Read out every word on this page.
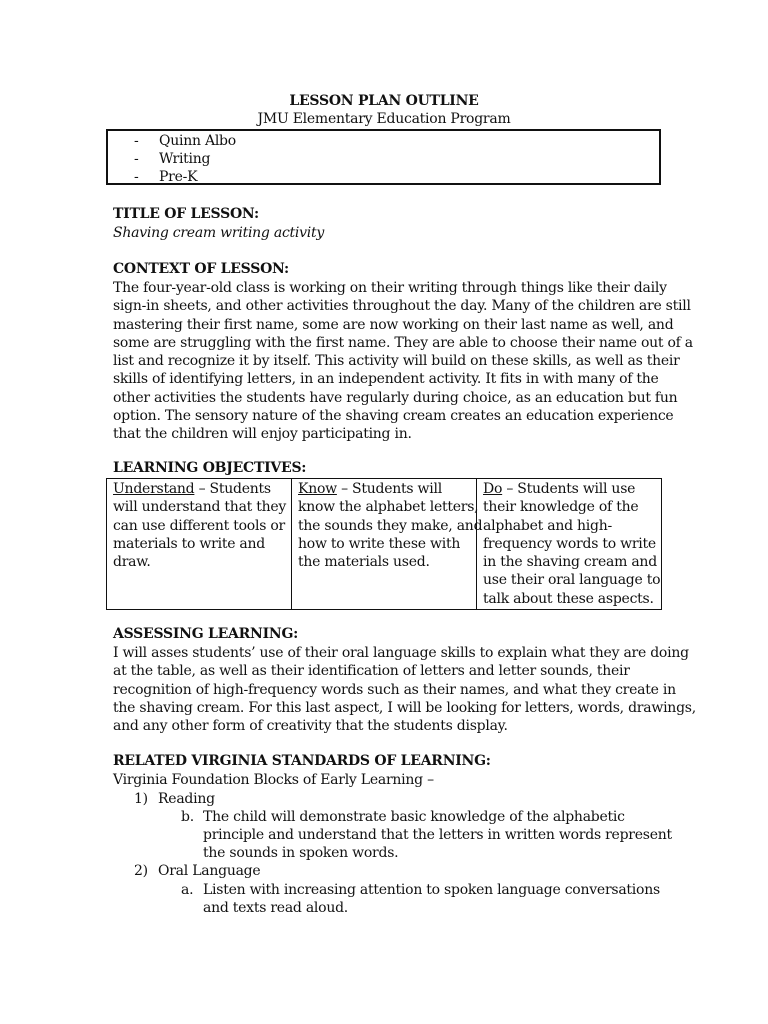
LESSON PLAN OUTLINE
JMU Elementary Education Program
-	Quinn Albo
-	Writing
-	Pre-K
TITLE OF LESSON:
Shaving cream writing activity
CONTEXT OF LESSON:
The four-year-old class is working on their writing through things like their daily
sign-in sheets, and other activities throughout the day. Many of the children are still
mastering their first name, some are now working on their last name as well, and
some are struggling with the first name. They are able to choose their name out of a
list and recognize it by itself. This activity will build on these skills, as well as their
skills of identifying letters, in an independent activity. It fits in with many of the
other activities the students have regularly during choice, as an education but fun
option. The sensory nature of the shaving cream creates an education experience
that the children will enjoy participating in.
LEARNING OBJECTIVES:
Understand – Students
will understand that they
can use different tools or
materials to write and
draw.

Know – Students will
know the alphabet letters,
the sounds they make, and
how to write these with
the materials used.

Do – Students will use
their knowledge of the
alphabet and high-
frequency words to write
in the shaving cream and
use their oral language to
talk about these aspects.
ASSESSING LEARNING:
I will asses students’ use of their oral language skills to explain what they are doing
at the table, as well as their identification of letters and letter sounds, their
recognition of high-frequency words such as their names, and what they create in
the shaving cream. For this last aspect, I will be looking for letters, words, drawings,
and any other form of creativity that the students display.
RELATED VIRGINIA STANDARDS OF LEARNING:
Virginia Foundation Blocks of Early Learning –
1) Reading
b. The child will demonstrate basic knowledge of the alphabetic
principle and understand that the letters in written words represent
the sounds in spoken words.
2) Oral Language
a. Listen with increasing attention to spoken language conversations
and texts read aloud.
